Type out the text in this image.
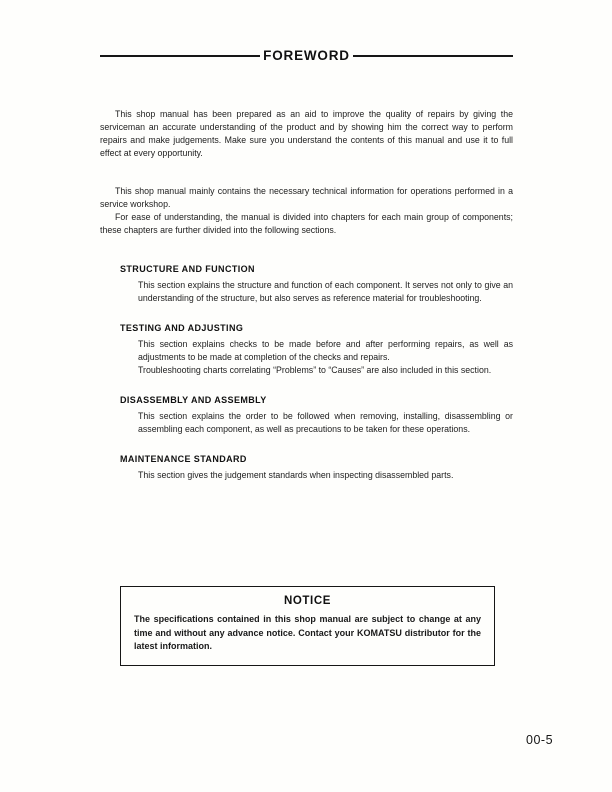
FOREWORD

This shop manual has been prepared as an aid to improve the quality of repairs by giving the serviceman an accurate understanding of the product and by showing him the correct way to perform repairs and make judgements. Make sure you understand the contents of this manual and use it to full effect at every opportunity.

This shop manual mainly contains the necessary technical information for operations performed in a service workshop.

For ease of understanding, the manual is divided into chapters for each main group of components; these chapters are further divided into the following sections.

STRUCTURE AND FUNCTION

This section explains the structure and function of each component. It serves not only to give an understanding of the structure, but also serves as reference material for troubleshooting.

TESTING AND ADJUSTING

This section explains checks to be made before and after performing repairs, as well as adjustments to be made at completion of the checks and repairs.

Troubleshooting charts correlating “Problems” to “Causes” are also included in this section.

DISASSEMBLY AND ASSEMBLY

This section explains the order to be followed when removing, installing, disassembling or assembling each component, as well as precautions to be taken for these operations.

MAINTENANCE STANDARD

This section gives the judgement standards when inspecting disassembled parts.

NOTICE

The specifications contained in this shop manual are subject to change at any time and without any advance notice. Contact your KOMATSU distributor for the latest information.

00-5
